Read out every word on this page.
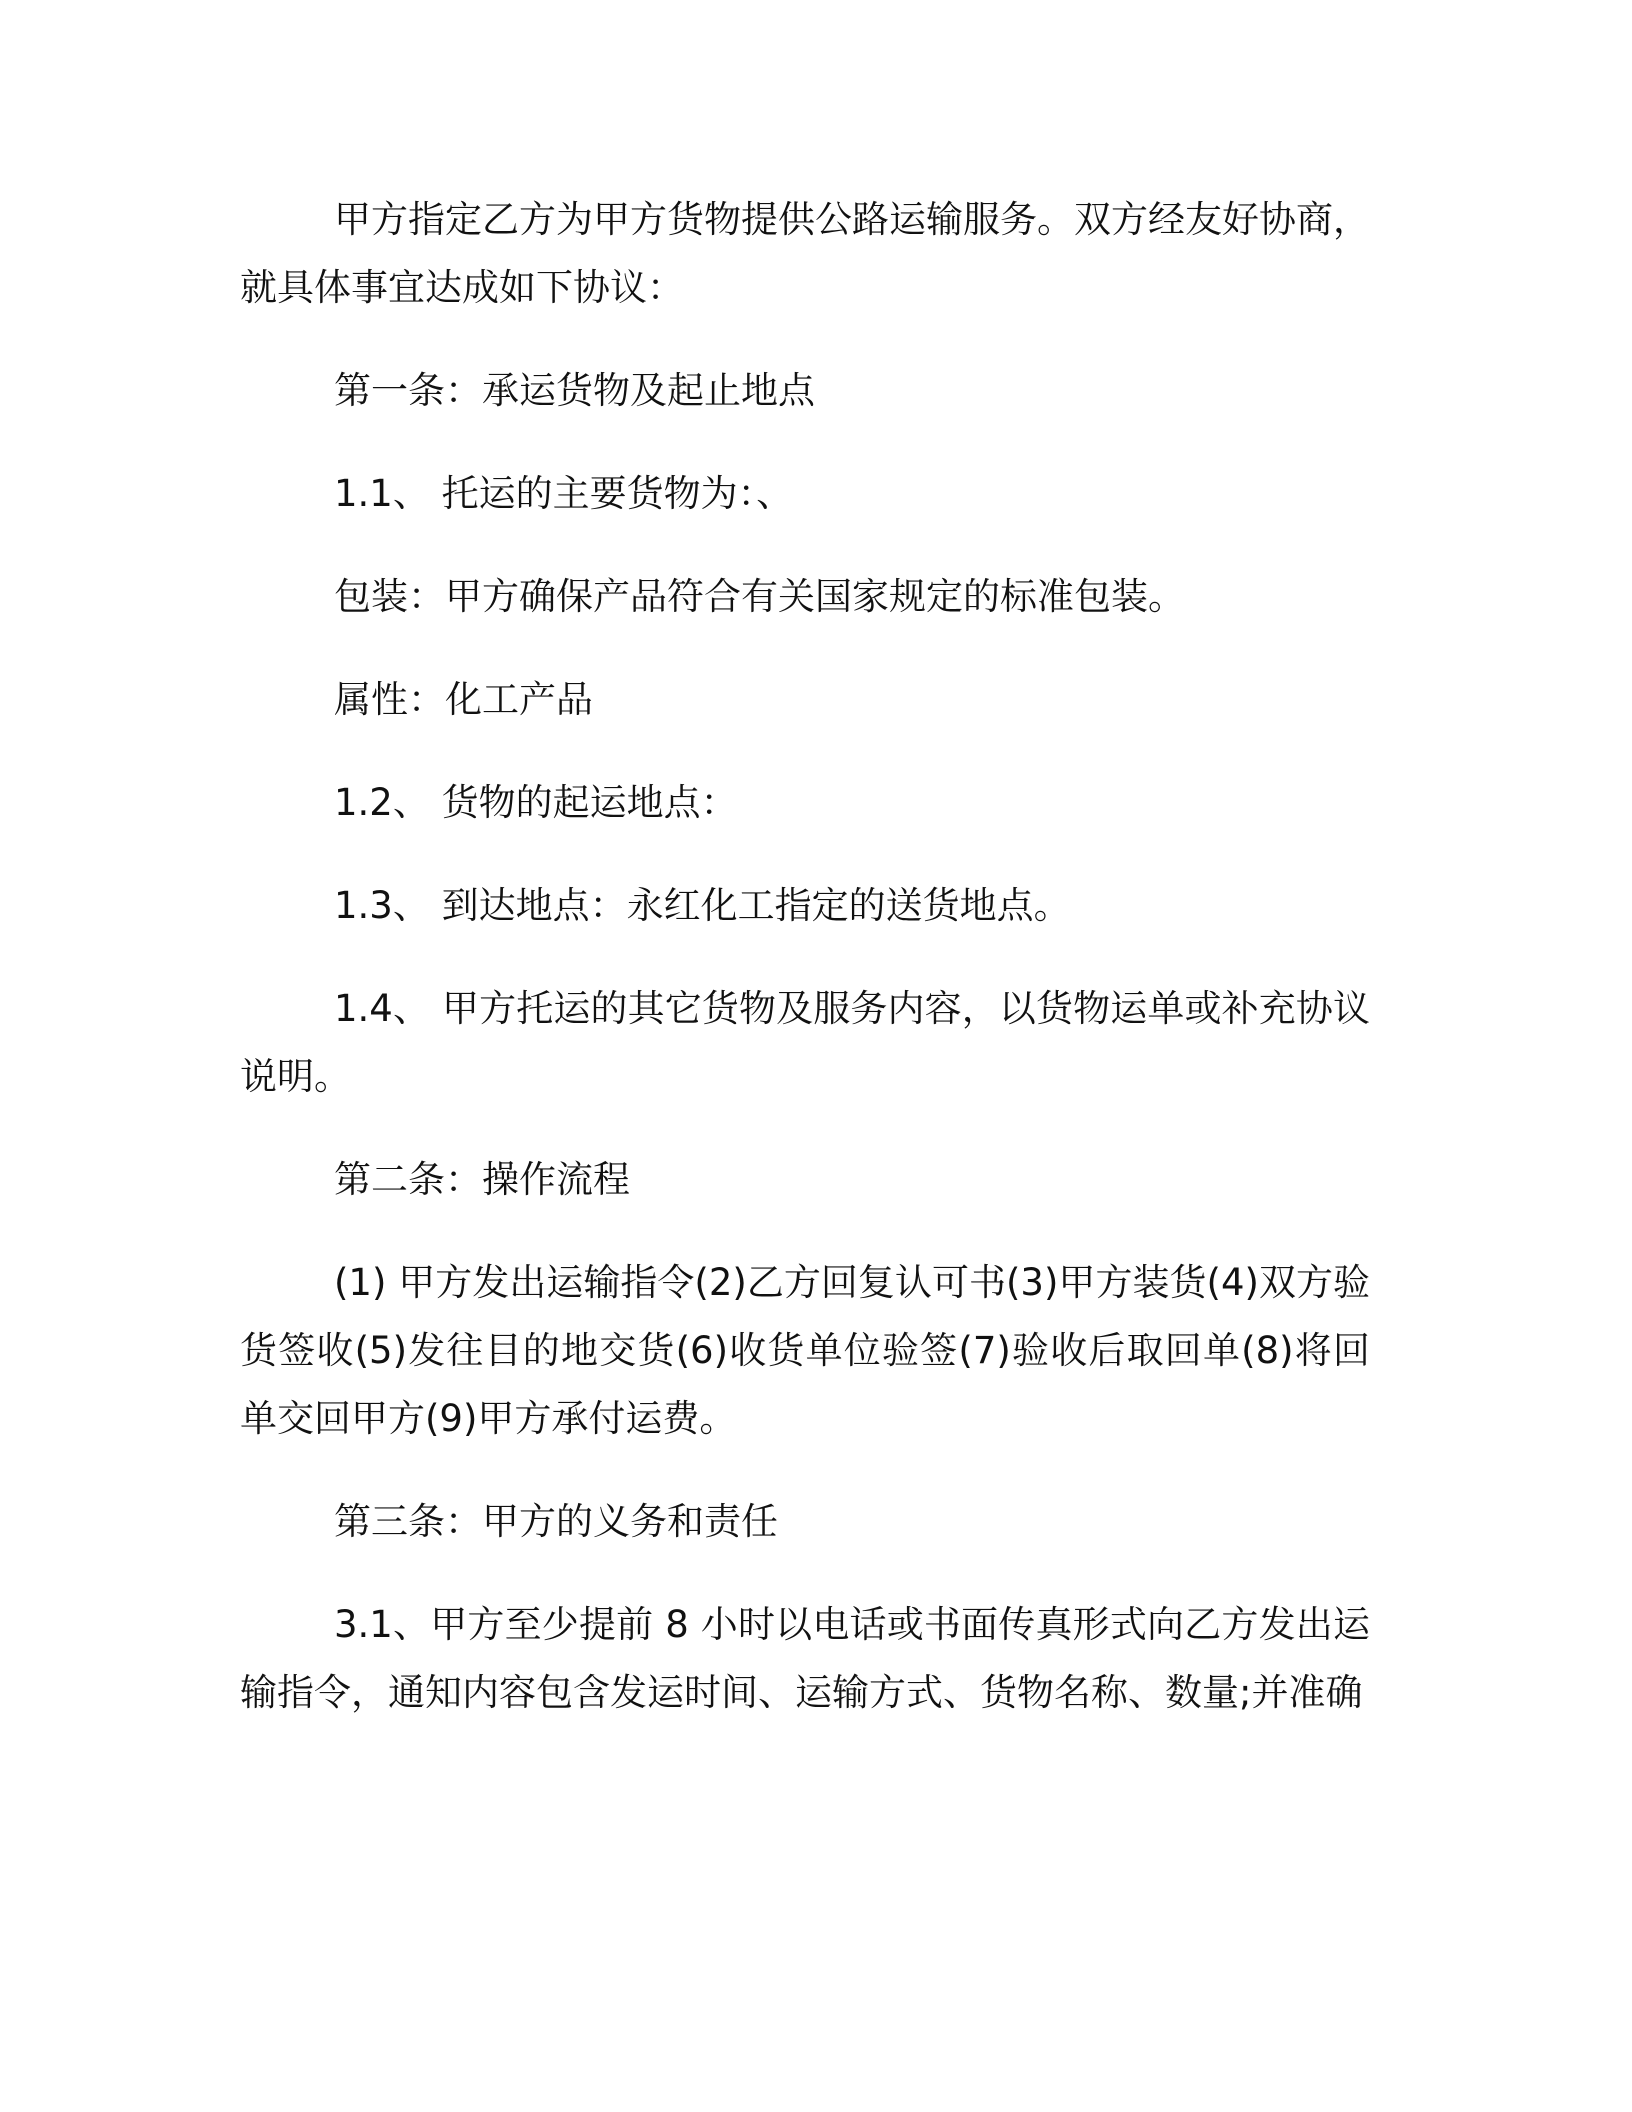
甲方指定乙方为甲方货物提供公路运输服务。双方经友好协商，就具体事宜达成如下协议：

第一条：承运货物及起止地点

1.1、 托运的主要货物为：、

包装：甲方确保产品符合有关国家规定的标准包装。

属性：化工产品

1.2、 货物的起运地点：

1.3、 到达地点：永红化工指定的送货地点。

1.4、 甲方托运的其它货物及服务内容，以货物运单或补充协议说明。

第二条：操作流程

(1) 甲方发出运输指令(2)乙方回复认可书(3)甲方装货(4)双方验货签收(5)发往目的地交货(6)收货单位验签(7)验收后取回单(8)将回单交回甲方(9)甲方承付运费。

第三条：甲方的义务和责任

3.1、甲方至少提前 8 小时以电话或书面传真形式向乙方发出运输指令，通知内容包含发运时间、运输方式、货物名称、数量;并准确
